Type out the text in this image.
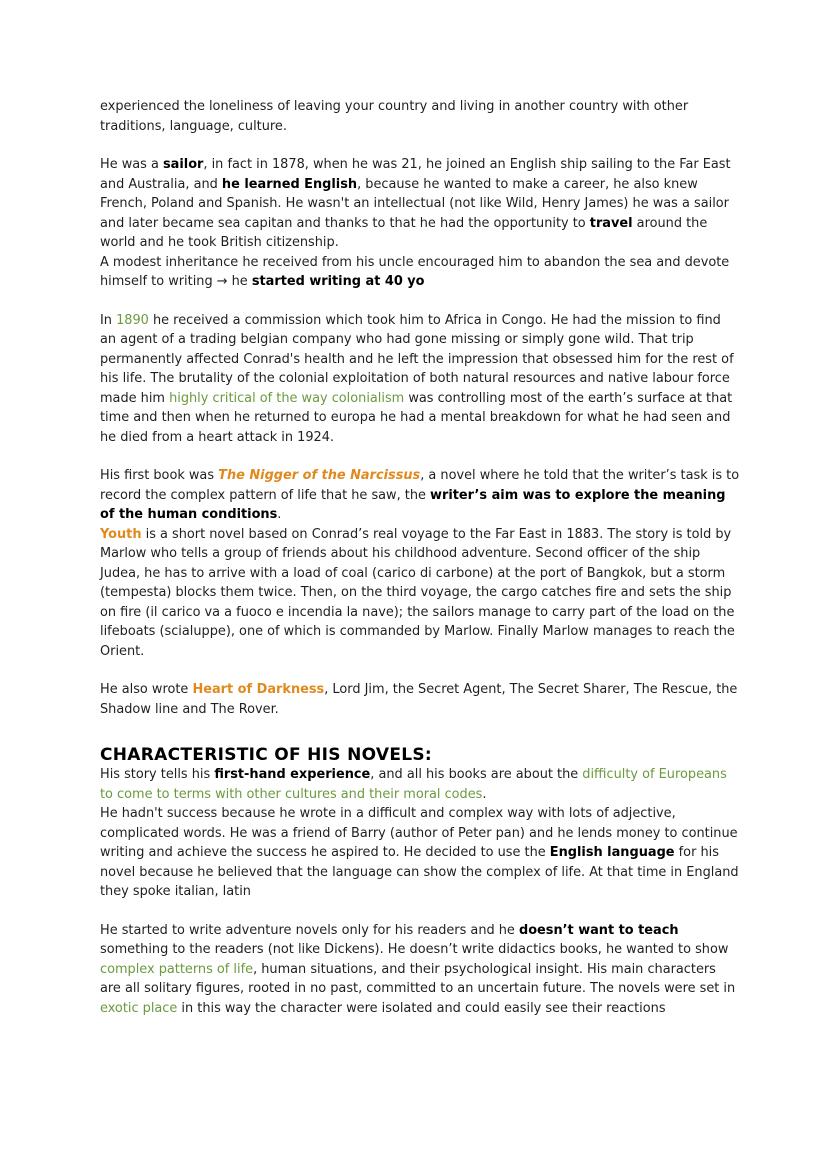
experienced the loneliness of leaving your country and living in another country with other traditions, language, culture.

He was a sailor, in fact in 1878, when he was 21, he joined an English ship sailing to the Far East and Australia, and he learned English, because he wanted to make a career, he also knew French, Poland and Spanish. He wasn't an intellectual (not like Wild, Henry James) he was a sailor and later became sea capitan and thanks to that he had the opportunity to travel around the world and he took British citizenship.

A modest inheritance he received from his uncle encouraged him to abandon the sea and devote himself to writing → he started writing at 40 yo

In 1890 he received a commission which took him to Africa in Congo. He had the mission to find an agent of a trading belgian company who had gone missing or simply gone wild. That trip permanently affected Conrad's health and he left the impression that obsessed him for the rest of his life. The brutality of the colonial exploitation of both natural resources and native labour force made him highly critical of the way colonialism was controlling most of the earth’s surface at that time and then when he returned to europa he had a mental breakdown for what he had seen and he died from a heart attack in 1924.

His first book was The Nigger of the Narcissus, a novel where he told that the writer’s task is to record the complex pattern of life that he saw, the writer’s aim was to explore the meaning of the human conditions.

Youth is a short novel based on Conrad’s real voyage to the Far East in 1883. The story is told by Marlow who tells a group of friends about his childhood adventure. Second officer of the ship Judea, he has to arrive with a load of coal (carico di carbone) at the port of Bangkok, but a storm (tempesta) blocks them twice. Then, on the third voyage, the cargo catches fire and sets the ship on fire (il carico va a fuoco e incendia la nave); the sailors manage to carry part of the load on the lifeboats (scialuppe), one of which is commanded by Marlow. Finally Marlow manages to reach the Orient.

He also wrote Heart of Darkness, Lord Jim, the Secret Agent, The Secret Sharer, The Rescue, the Shadow line and The Rover.

CHARACTERISTIC OF HIS NOVELS:

His story tells his first-hand experience, and all his books are about the difficulty of Europeans to come to terms with other cultures and their moral codes.

He hadn't success because he wrote in a difficult and complex way with lots of adjective, complicated words. He was a friend of Barry (author of Peter pan) and he lends money to continue writing and achieve the success he aspired to. He decided to use the English language for his novel because he believed that the language can show the complex of life. At that time in England they spoke italian, latin

He started to write adventure novels only for his readers and he doesn’t want to teach something to the readers (not like Dickens). He doesn’t write didactics books, he wanted to show complex patterns of life, human situations, and their psychological insight. His main characters are all solitary figures, rooted in no past, committed to an uncertain future. The novels were set in exotic place in this way the character were isolated and could easily see their reactions
